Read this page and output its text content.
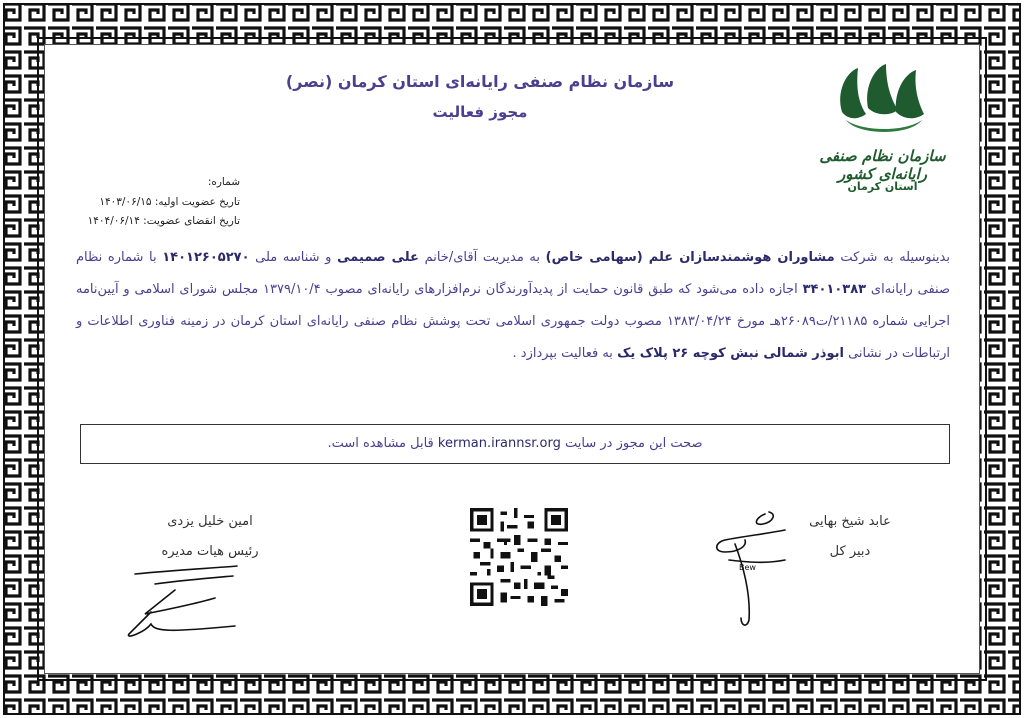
سازمان نظام صنفی رایانه‌ای استان کرمان (نصر)
مجوز فعالیت
سازمان نظام صنفی رایانه‌ای کشور
استان کرمان
شماره:
تاریخ عضویت اولیه: ۱۴۰۳/۰۶/۱۵
تاریخ انقضای عضویت: ۱۴۰۴/۰۶/۱۴
بدینوسیله به شرکت مشاوران هوشمندسازان علم (سهامی خاص) به مدیریت آقای/خانم علی صمیمی و شناسه ملی ۱۴۰۱۲۶۰۵۲۷۰ با شماره نظام صنفی رایانه‌ای ۳۴۰۱۰۳۸۳ اجازه داده می‌شود که طبق قانون حمایت از پدیدآورندگان نرم‌افزارهای رایانه‌ای مصوب ۱۳۷۹/۱۰/۴ مجلس شورای اسلامی و آیین‌نامه اجرایی شماره ۲۱۱۸۵/ت۲۶۰۸۹هـ مورخ ۱۳۸۳/۰۴/۲۴ مصوب دولت جمهوری اسلامی تحت پوشش نظام صنفی رایانه‌ای استان کرمان در زمینه فناوری اطلاعات و ارتباطات در نشانی ابوذر شمالی نبش کوچه ۲۶ پلاک یک به فعالیت بپردازد .
صحت این مجوز در سایت kerman.irannsr.org قابل مشاهده است.
امین خلیل یزدی
رئیس هیات مدیره
عابد شیخ بهایی
دبیر کل
Bew
